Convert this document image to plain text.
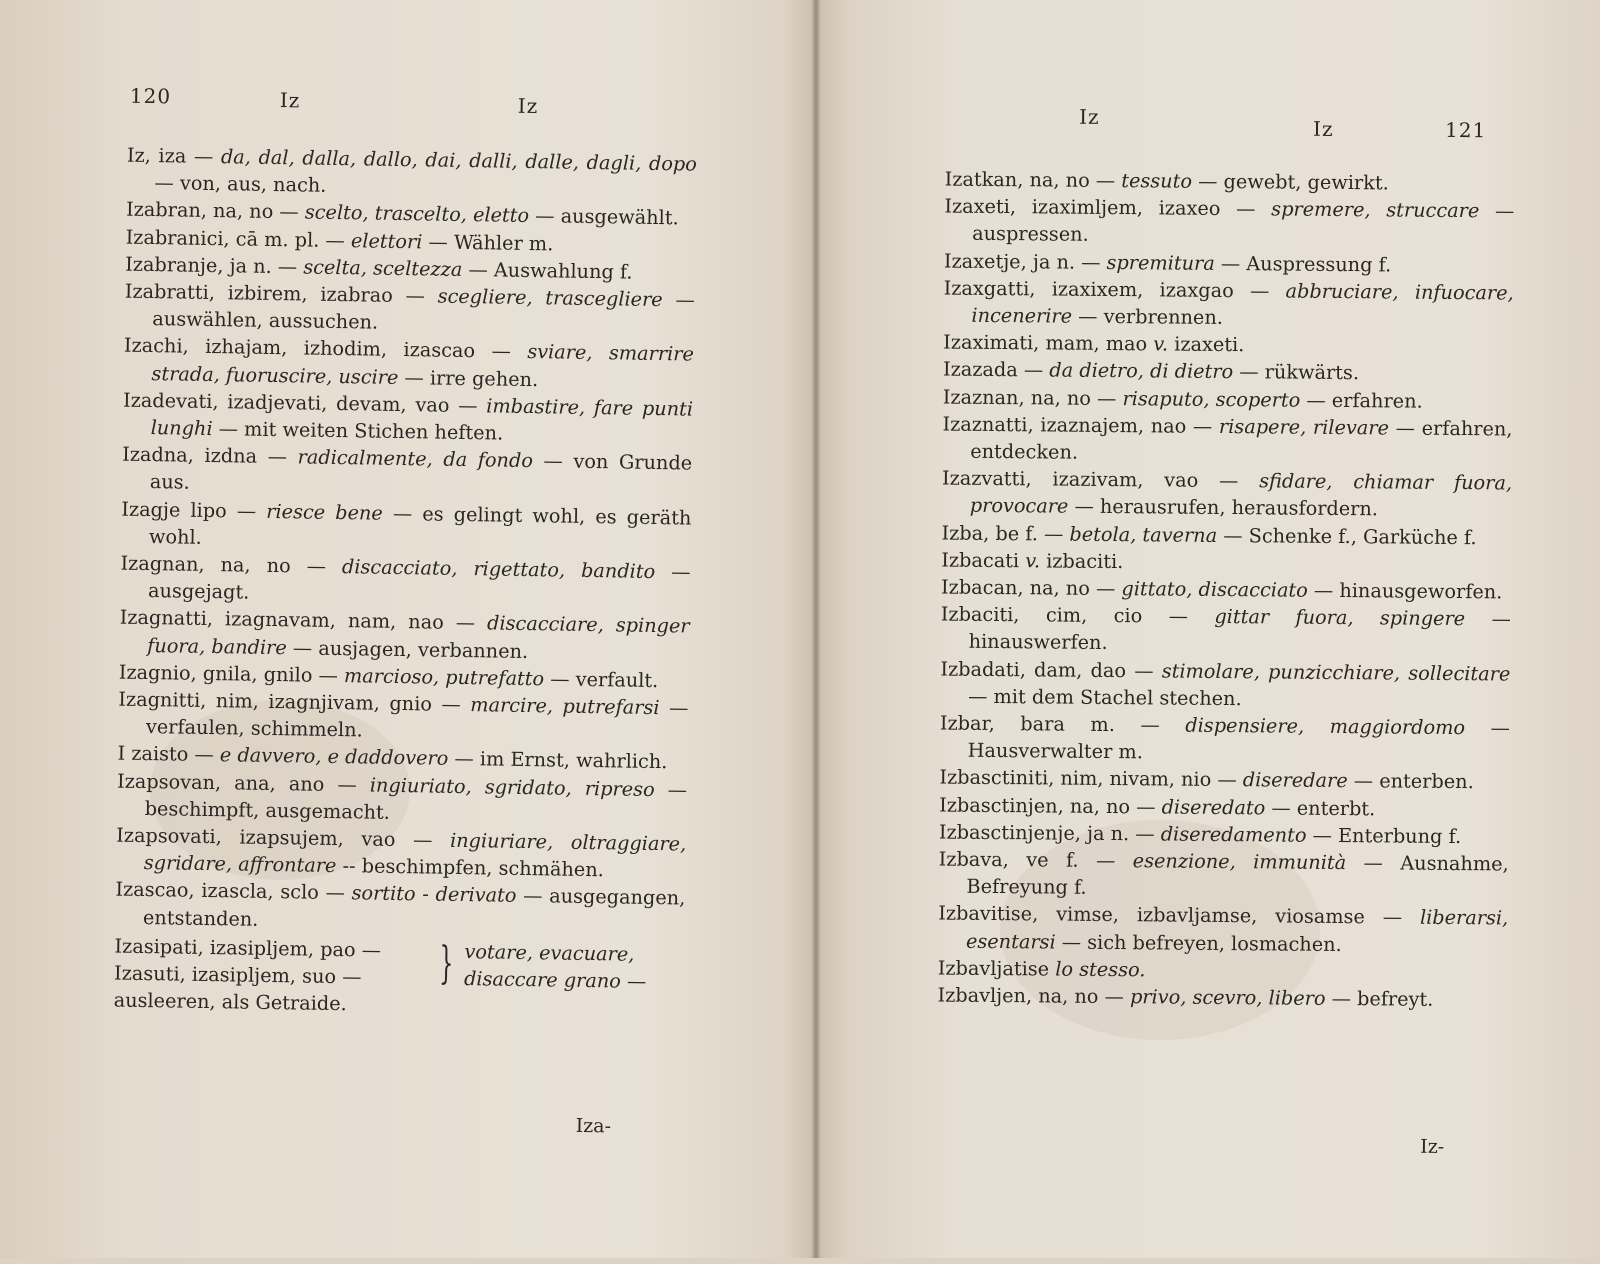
120	Iz	Iz
Iz, iza — da, dal, dalla, dallo, dai, dalli, dalle, dagli, dopo — von, aus, nach.
Izabran, na, no — scelto, trascelto, eletto — ausgewählt.
Izabranici, cā m. pl. — elettori — Wähler m.
Izabranje, ja n. — scelta, sceltezza — Auswahlung f.
Izabratti, izbirem, izabrao — scegliere, trascegliere — auswählen, aussuchen.
Izachi, izhajam, izhodim, izascao — sviare, smarrire strada, fuoruscire, uscire — irre gehen.
Izadevati, izadjevati, devam, vao — imbastire, fare punti lunghi — mit weiten Stichen heften.
Izadna, izdna — radicalmente, da fondo — von Grunde aus.
Izagje lipo — riesce bene — es gelingt wohl, es geräth wohl.
Izagnan, na, no — discacciato, rigettato, bandito — ausgejagt.
Izagnatti, izagnavam, nam, nao — discacciare, spinger fuora, bandire — ausjagen, verbannen.
Izagnio, gnila, gnilo — marcioso, putrefatto — verfault.
Izagnitti, nim, izagnjivam, gnio — marcire, putrefarsi — verfaulen, schimmeln.
I zaisto — e davvero, e daddovero — im Ernst, wahrlich.
Izapsovan, ana, ano — ingiuriato, sgridato, ripreso — beschimpft, ausgemacht.
Izapsovati, izapsujem, vao — ingiuriare, oltraggiare, sgridare, affrontare -- beschimpfen, schmähen.
Izascao, izascla, sclo — sortito - derivato — ausgegangen, entstanden.
Izasipati, izasipljem, pao —
Izasuti, izasipljem, suo — } votare, evacuare,
disaccare grano —
ausleeren, als Getraide.
Iza-
Iz	Iz	121
Izatkan, na, no — tessuto — gewebt, gewirkt.
Izaxeti, izaximljem, izaxeo — spremere, struccare — auspressen.
Izaxetje, ja n. — spremitura — Auspressung f.
Izaxgatti, izaxixem, izaxgao — abbruciare, infuocare, incenerire — verbrennen.
Izaximati, mam, mao v. izaxeti.
Izazada — da dietro, di dietro — rükwärts.
Izaznan, na, no — risaputo, scoperto — erfahren.
Izaznatti, izaznajem, nao — risapere, rilevare — erfahren, entdecken.
Izazvatti, izazivam, vao — sfidare, chiamar fuora, provocare — herausrufen, herausfordern.
Izba, be f. — betola, taverna — Schenke f., Garküche f.
Izbacati v. izbaciti.
Izbacan, na, no — gittato, discacciato — hinausgeworfen.
Izbaciti, cim, cio — gittar fuora, spingere — hinauswerfen.
Izbadati, dam, dao — stimolare, punzicchiare, sollecitare — mit dem Stachel stechen.
Izbar, bara m. — dispensiere, maggiordomo — Hausverwalter m.
Izbasctiniti, nim, nivam, nio — diseredare — enterben.
Izbasctinjen, na, no — diseredato — enterbt.
Izbasctinjenje, ja n. — diseredamento — Enterbung f.
Izbava, ve f. — esenzione, immunità — Ausnahme, Befreyung f.
Izbavitise, vimse, izbavljamse, viosamse — liberarsi, esentarsi — sich befreyen, losmachen.
Izbavljatise lo stesso.
Izbavljen, na, no — privo, scevro, libero — befreyt.
Iz-
